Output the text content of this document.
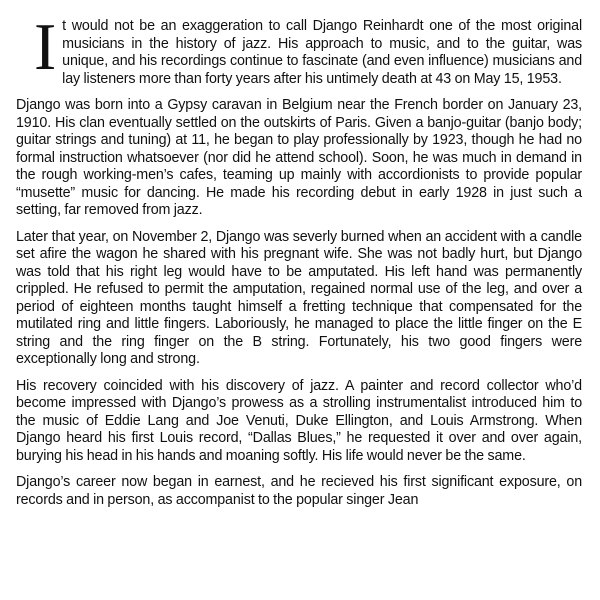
It would not be an exaggeration to call Django Reinhardt one of the most original musicians in the history of jazz. His approach to music, and to the guitar, was unique, and his recordings continue to fascinate (and even influence) musicians and lay listeners more than forty years after his untimely death at 43 on May 15, 1953.

Django was born into a Gypsy caravan in Belgium near the French border on January 23, 1910. His clan eventually settled on the outskirts of Paris. Given a banjo-guitar (banjo body; guitar strings and tuning) at 11, he began to play professionally by 1923, though he had no formal instruction whatsoever (nor did he attend school). Soon, he was much in demand in the rough working-men’s cafes, teaming up mainly with accordionists to provide popular “musette” music for dancing. He made his recording debut in early 1928 in just such a setting, far removed from jazz.

Later that year, on November 2, Django was severly burned when an accident with a candle set afire the wagon he shared with his pregnant wife. She was not badly hurt, but Django was told that his right leg would have to be amputated. His left hand was permanently crippled. He refused to permit the amputation, regained normal use of the leg, and over a period of eighteen months taught himself a fretting technique that compensated for the mutilated ring and little fingers. Laboriously, he managed to place the little finger on the E string and the ring finger on the B string. Fortunately, his two good fingers were exceptionally long and strong.

His recovery coincided with his discovery of jazz. A painter and record collector who’d become impressed with Django’s prowess as a strolling instrumentalist introduced him to the music of Eddie Lang and Joe Venuti, Duke Ellington, and Louis Armstrong. When Django heard his first Louis record, “Dallas Blues,” he requested it over and over again, burying his head in his hands and moaning softly. His life would never be the same.

Django’s career now began in earnest, and he recieved his first significant exposure, on records and in person, as accompanist to the popular singer Jean
